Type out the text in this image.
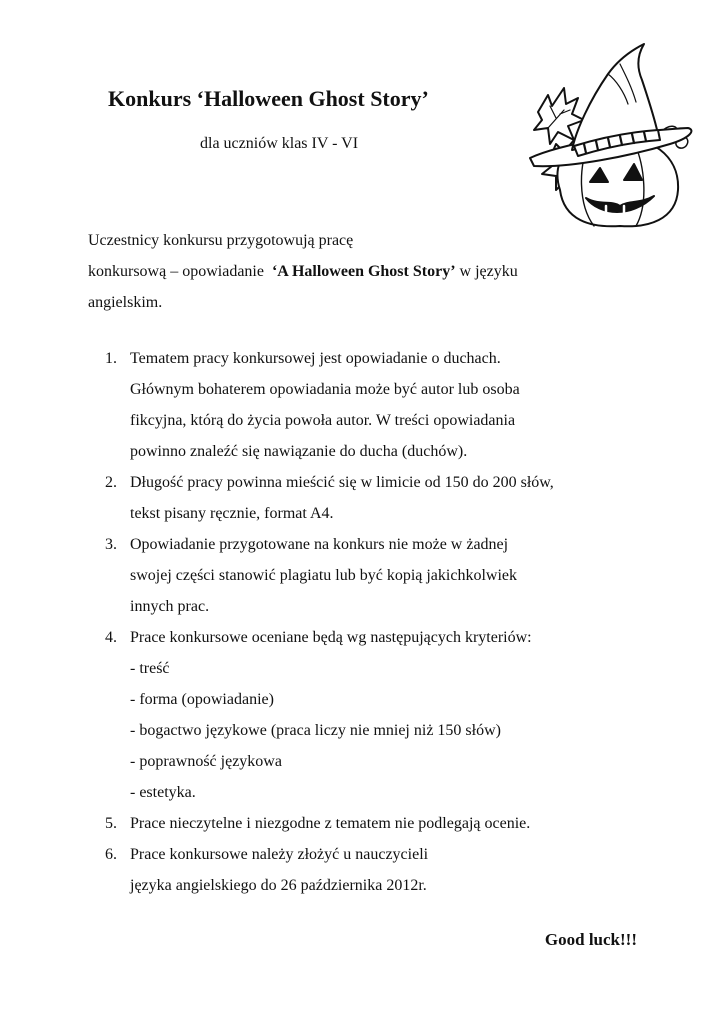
Konkurs ‘Halloween Ghost Story’
dla uczniów klas IV - VI
Uczestnicy konkursu przygotowują pracę
konkursową – opowiadanie  ‘A Halloween Ghost Story’ w języku
angielskim.
1. Tematem pracy konkursowej jest opowiadanie o duchach.
Głównym bohaterem opowiadania może być autor lub osoba
fikcyjna, którą do życia powoła autor. W treści opowiadania
powinno znaleźć się nawiązanie do ducha (duchów).
2. Długość pracy powinna mieścić się w limicie od 150 do 200 słów,
tekst pisany ręcznie, format A4.
3. Opowiadanie przygotowane na konkurs nie może w żadnej
swojej części stanowić plagiatu lub być kopią jakichkolwiek
innych prac.
4. Prace konkursowe oceniane będą wg następujących kryteriów:
- treść
- forma (opowiadanie)
- bogactwo językowe (praca liczy nie mniej niż 150 słów)
- poprawność językowa
- estetyka.
5. Prace nieczytelne i niezgodne z tematem nie podlegają ocenie.
6. Prace konkursowe należy złożyć u nauczycieli
języka angielskiego do 26 października 2012r.
Good luck!!!
